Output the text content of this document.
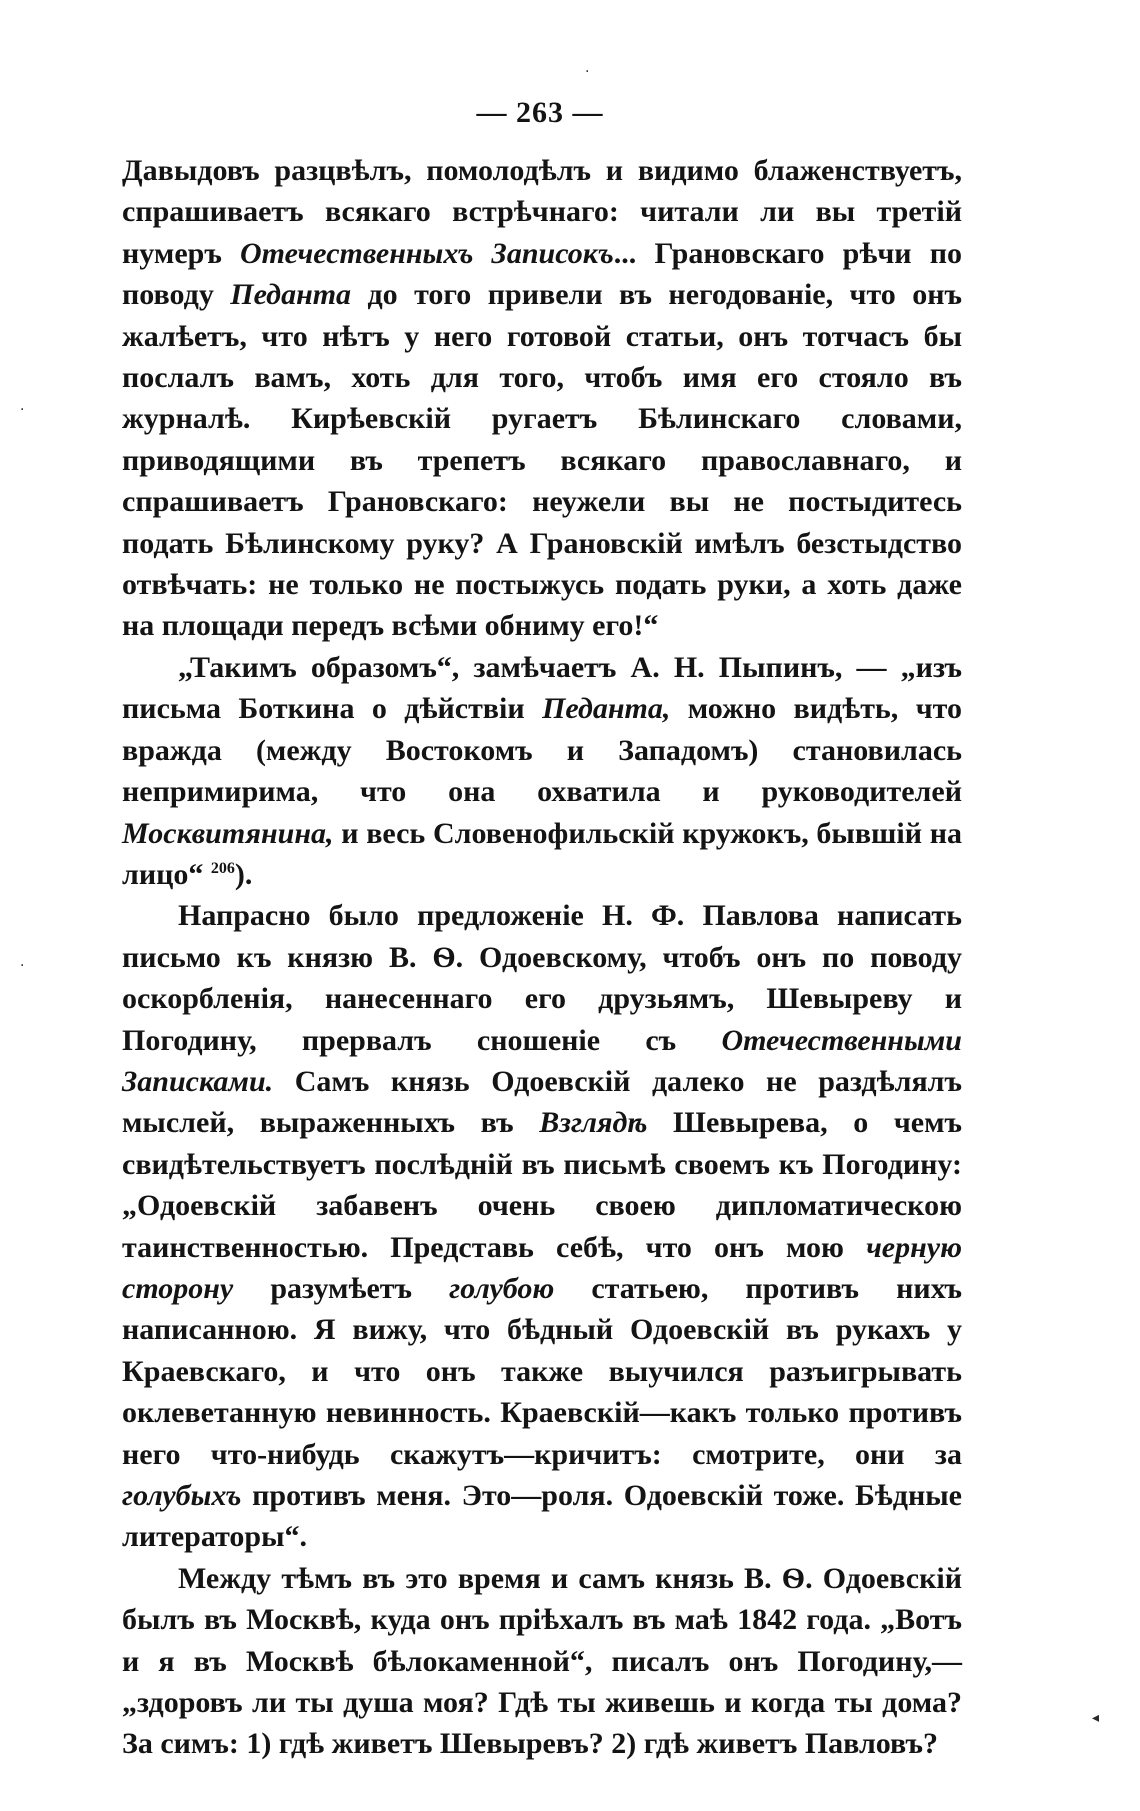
— 263 —

Давыдовъ разцвѣлъ, помолодѣлъ и видимо блаженствуетъ, спрашиваетъ всякаго встрѣчнаго: читали ли вы третій нумеръ Отечественныхъ Записокъ... Грановскаго рѣчи по поводу Педанта до того привели въ негодованіе, что онъ жалѣетъ, что нѣтъ у него готовой статьи, онъ тотчасъ бы послалъ вамъ, хоть для того, чтобъ имя его стояло въ журналѣ. Кирѣевскій ругаетъ Бѣлинскаго словами, приводящими въ трепетъ всякаго православнаго, и спрашиваетъ Грановскаго: неужели вы не постыдитесь подать Бѣлинскому руку? А Грановскій имѣлъ безстыдство отвѣчать: не только не постыжусь подать руки, а хоть даже на площади передъ всѣми обниму его!“

„Такимъ образомъ“, замѣчаетъ А. Н. Пыпинъ, — „изъ письма Боткина о дѣйствіи Педанта, можно видѣть, что вражда (между Востокомъ и Западомъ) становилась непримирима, что она охватила и руководителей Москвитянина, и весь Словенофильскій кружокъ, бывшій на лицо“ $^{206}$).

Напрасно было предложеніе Н. Ф. Павлова написать письмо къ князю В. Ѳ. Одоевскому, чтобъ онъ по поводу оскорбленія, нанесеннаго его друзьямъ, Шевыреву и Погодину, прервалъ сношеніе съ Отечественными Записками. Самъ князь Одоевскій далеко не раздѣлялъ мыслей, выраженныхъ въ Взглядѣ Шевырева, о чемъ свидѣтельствуетъ послѣдній въ письмѣ своемъ къ Погодину: „Одоевскій забавенъ очень своею дипломатическою таинственностью. Представь себѣ, что онъ мою черную сторону разумѣетъ голубою статьею, противъ нихъ написанною. Я вижу, что бѣдный Одоевскій въ рукахъ у Краевскаго, и что онъ также выучился разъигрывать оклеветанную невинность. Краевскій—какъ только противъ него что-нибудь скажутъ—кричитъ: смотрите, они за голубыхъ противъ меня. Это—роля. Одоевскій тоже. Бѣдные литераторы“.

Между тѣмъ въ это время и самъ князь В. Ѳ. Одоевскій былъ въ Москвѣ, куда онъ пріѣхалъ въ маѣ 1842 года. „Вотъ и я въ Москвѣ бѣлокаменной“, писалъ онъ Погодину,— „здоровъ ли ты душа моя? Гдѣ ты живешь и когда ты дома? За симъ: 1) гдѣ живетъ Шевыревъ? 2) гдѣ живетъ Павловъ?

·
·
·
◂
